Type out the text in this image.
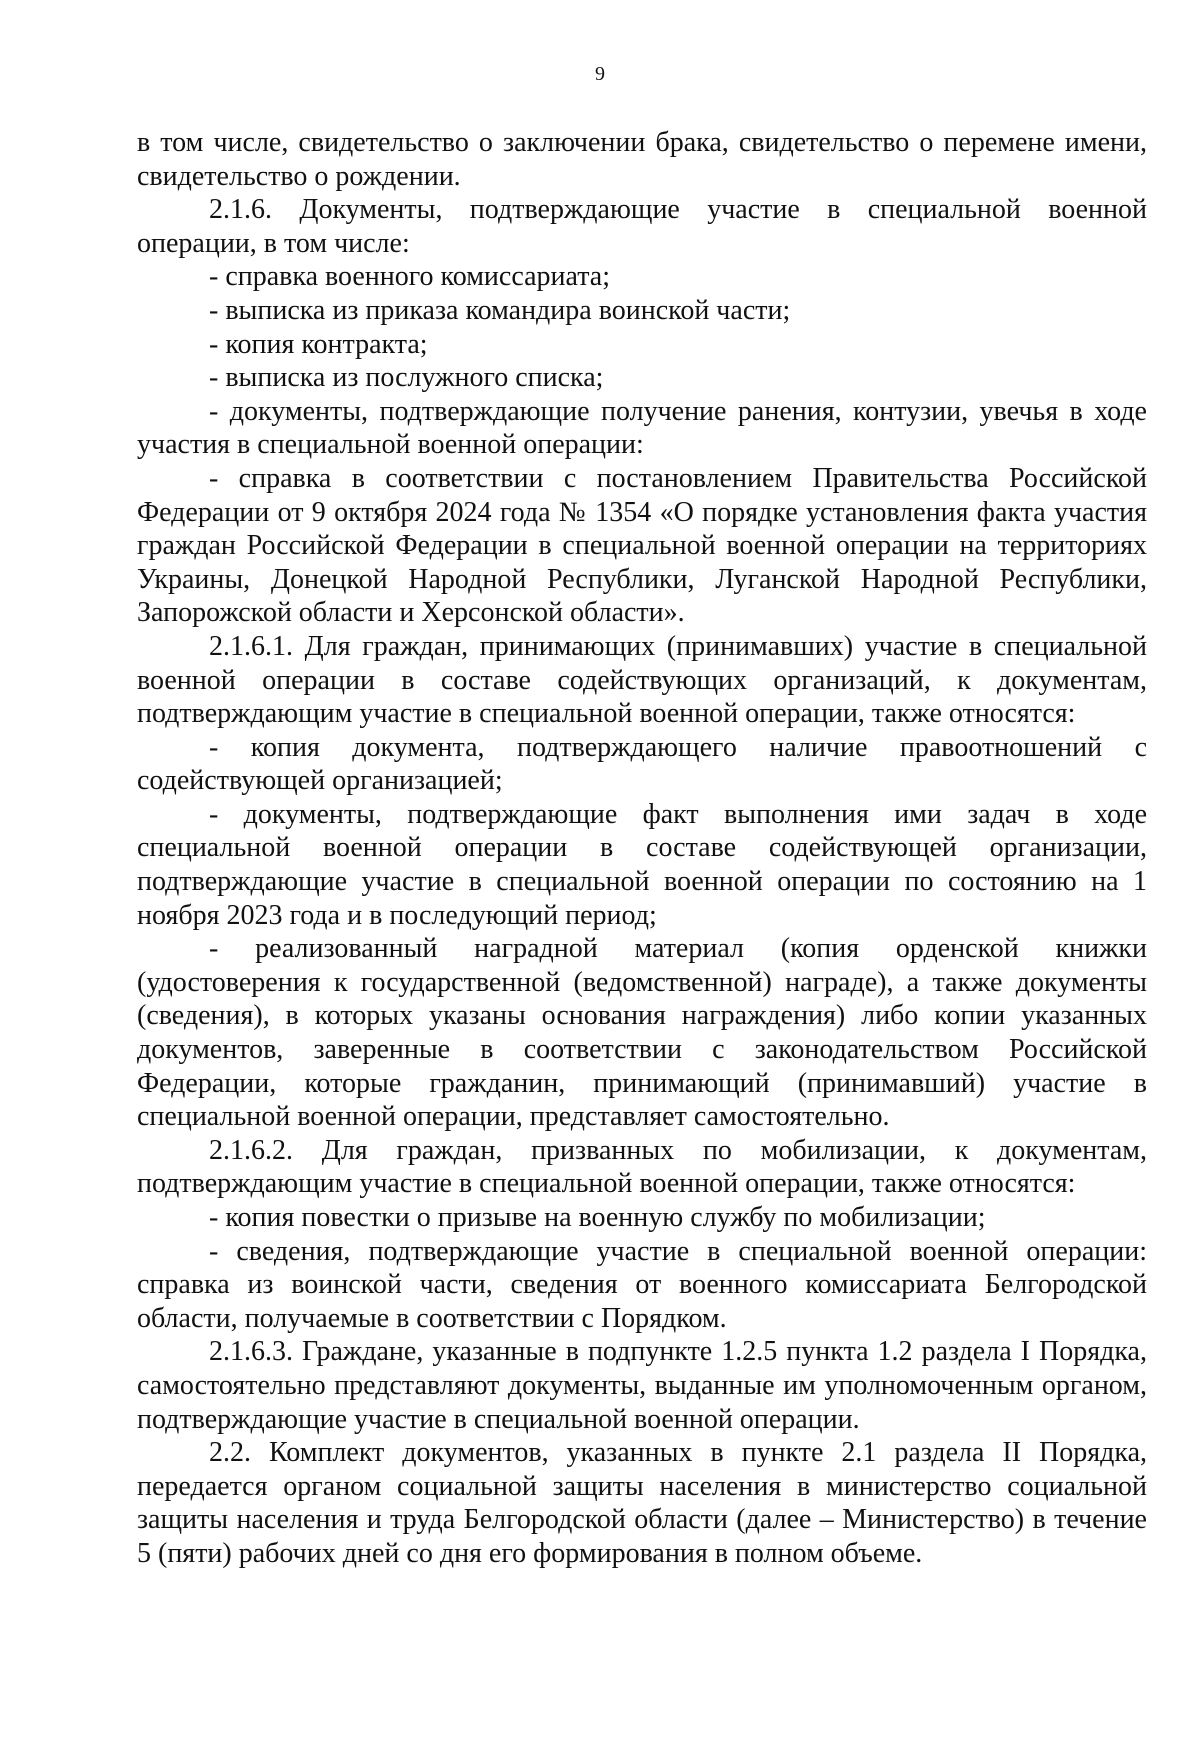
9

в том числе, свидетельство о заключении брака, свидетельство о перемене имени, свидетельство о рождении.

2.1.6. Документы, подтверждающие участие в специальной военной операции, в том числе:

- справка военного комиссариата;

- выписка из приказа командира воинской части;

- копия контракта;

- выписка из послужного списка;

- документы, подтверждающие получение ранения, контузии, увечья в ходе участия в специальной военной операции:

- справка в соответствии с постановлением Правительства Российской Федерации от 9 октября 2024 года № 1354 «О порядке установления факта участия граждан Российской Федерации в специальной военной операции на территориях Украины, Донецкой Народной Республики, Луганской Народной Республики, Запорожской области и Херсонской области».

2.1.6.1. Для граждан, принимающих (принимавших) участие в специальной военной операции в составе содействующих организаций, к документам, подтверждающим участие в специальной военной операции, также относятся:

- копия документа, подтверждающего наличие правоотношений с содействующей организацией;

- документы, подтверждающие факт выполнения ими задач в ходе специальной военной операции в составе содействующей организации, подтверждающие участие в специальной военной операции по состоянию на 1 ноября 2023 года и в последующий период;

- реализованный наградной материал (копия орденской книжки (удостоверения к государственной (ведомственной) награде), а также документы (сведения), в которых указаны основания награждения) либо копии указанных документов, заверенные в соответствии с законодательством Российской Федерации, которые гражданин, принимающий (принимавший) участие в специальной военной операции, представляет самостоятельно.

2.1.6.2. Для граждан, призванных по мобилизации, к документам, подтверждающим участие в специальной военной операции, также относятся:

- копия повестки о призыве на военную службу по мобилизации;

- сведения, подтверждающие участие в специальной военной операции: справка из воинской части, сведения от военного комиссариата Белгородской области, получаемые в соответствии с Порядком.

2.1.6.3. Граждане, указанные в подпункте 1.2.5 пункта 1.2 раздела I Порядка, самостоятельно представляют документы, выданные им уполномоченным органом, подтверждающие участие в специальной военной операции.

2.2. Комплект документов, указанных в пункте 2.1 раздела II Порядка, передается органом социальной защиты населения в министерство социальной защиты населения и труда Белгородской области (далее – Министерство) в течение 5 (пяти) рабочих дней со дня его формирования в полном объеме.
